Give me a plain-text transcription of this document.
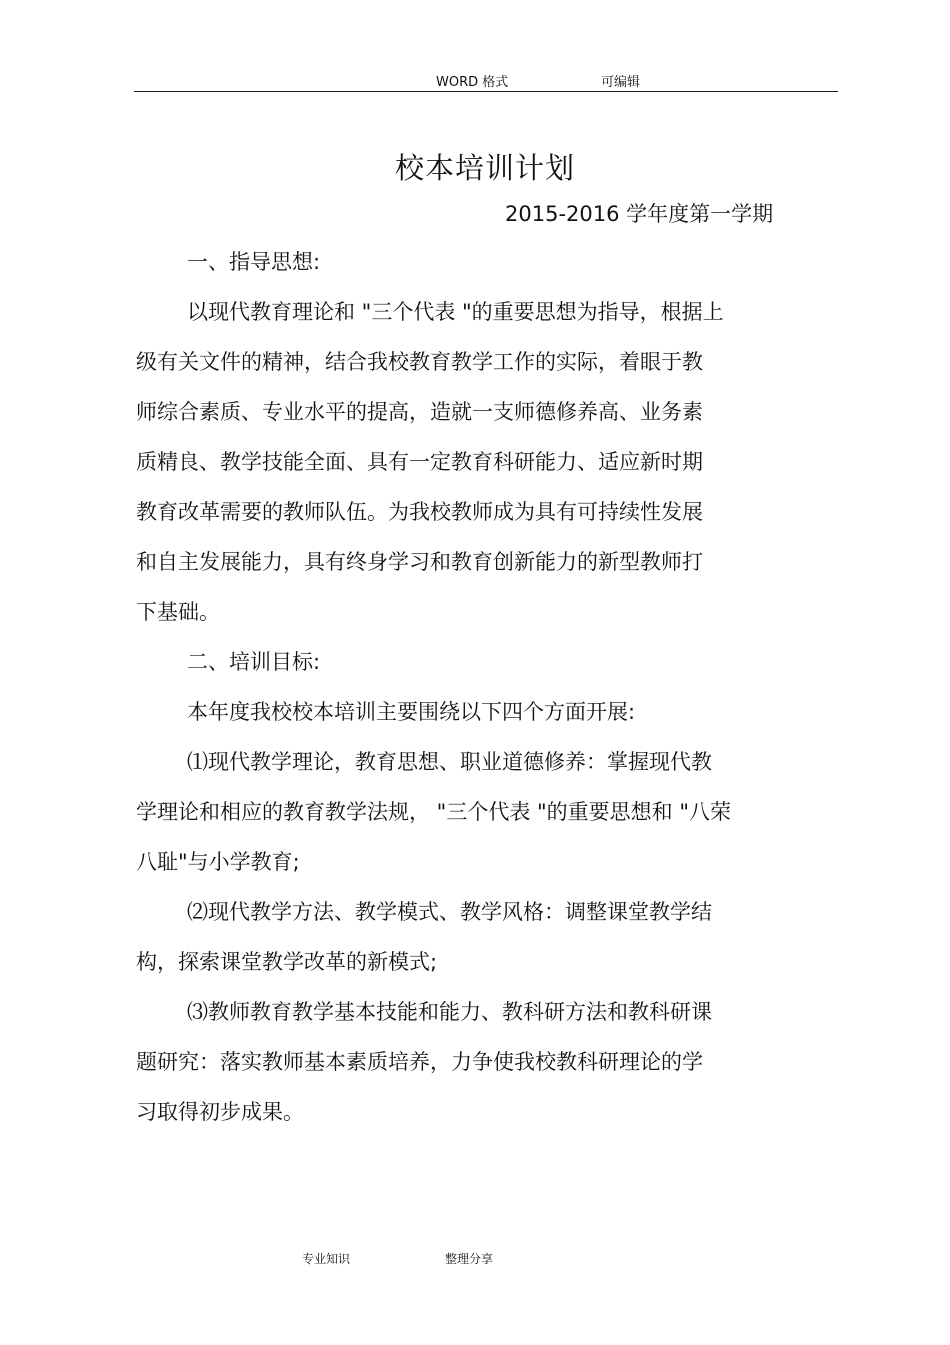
WORD 格式	可编辑
校本培训计划
2015-2016 学年度第一学期
一、指导思想:
以现代教育理论和 "三个代表 "的重要思想为指导，根据上
级有关文件的精神，结合我校教育教学工作的实际，着眼于教
师综合素质、专业水平的提高，造就一支师德修养高、业务素
质精良、教学技能全面、具有一定教育科研能力、适应新时期
教育改革需要的教师队伍。为我校教师成为具有可持续性发展
和自主发展能力，具有终身学习和教育创新能力的新型教师打
下基础。
二、培训目标:
本年度我校校本培训主要围绕以下四个方面开展:
⑴现代教学理论，教育思想、职业道德修养：掌握现代教
学理论和相应的教育教学法规， "三个代表 "的重要思想和 "八荣
八耻"与小学教育;
⑵现代教学方法、教学模式、教学风格：调整课堂教学结
构，探索课堂教学改革的新模式;
⑶教师教育教学基本技能和能力、教科研方法和教科研课
题研究：落实教师基本素质培养，力争使我校教科研理论的学
习取得初步成果。
专业知识	整理分享
